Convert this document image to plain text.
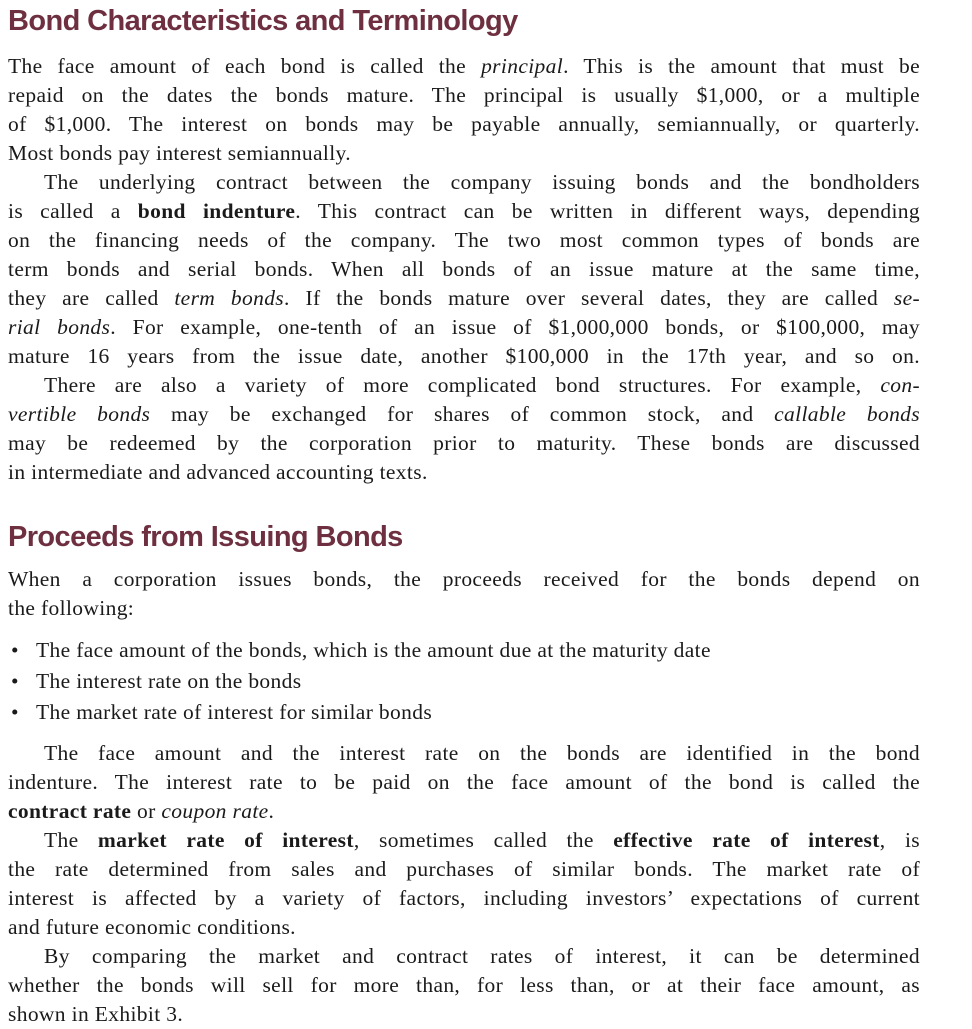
Bond Characteristics and Terminology
The face amount of each bond is called the principal. This is the amount that must be
repaid on the dates the bonds mature. The principal is usually $1,000, or a multiple
of $1,000. The interest on bonds may be payable annually, semiannually, or quarterly.
Most bonds pay interest semiannually.
The underlying contract between the company issuing bonds and the bondholders
is called a bond indenture. This contract can be written in different ways, depending
on the financing needs of the company. The two most common types of bonds are
term bonds and serial bonds. When all bonds of an issue mature at the same time,
they are called term bonds. If the bonds mature over several dates, they are called se-
rial bonds. For example, one-tenth of an issue of $1,000,000 bonds, or $100,000, may
mature 16 years from the issue date, another $100,000 in the 17th year, and so on.
There are also a variety of more complicated bond structures. For example, con-
vertible bonds may be exchanged for shares of common stock, and callable bonds
may be redeemed by the corporation prior to maturity. These bonds are discussed
in intermediate and advanced accounting texts.
Proceeds from Issuing Bonds
When a corporation issues bonds, the proceeds received for the bonds depend on
the following:
• The face amount of the bonds, which is the amount due at the maturity date
• The interest rate on the bonds
• The market rate of interest for similar bonds
The face amount and the interest rate on the bonds are identified in the bond
indenture. The interest rate to be paid on the face amount of the bond is called the
contract rate or coupon rate.
The market rate of interest, sometimes called the effective rate of interest, is
the rate determined from sales and purchases of similar bonds. The market rate of
interest is affected by a variety of factors, including investors’ expectations of current
and future economic conditions.
By comparing the market and contract rates of interest, it can be determined
whether the bonds will sell for more than, for less than, or at their face amount, as
shown in Exhibit 3.
